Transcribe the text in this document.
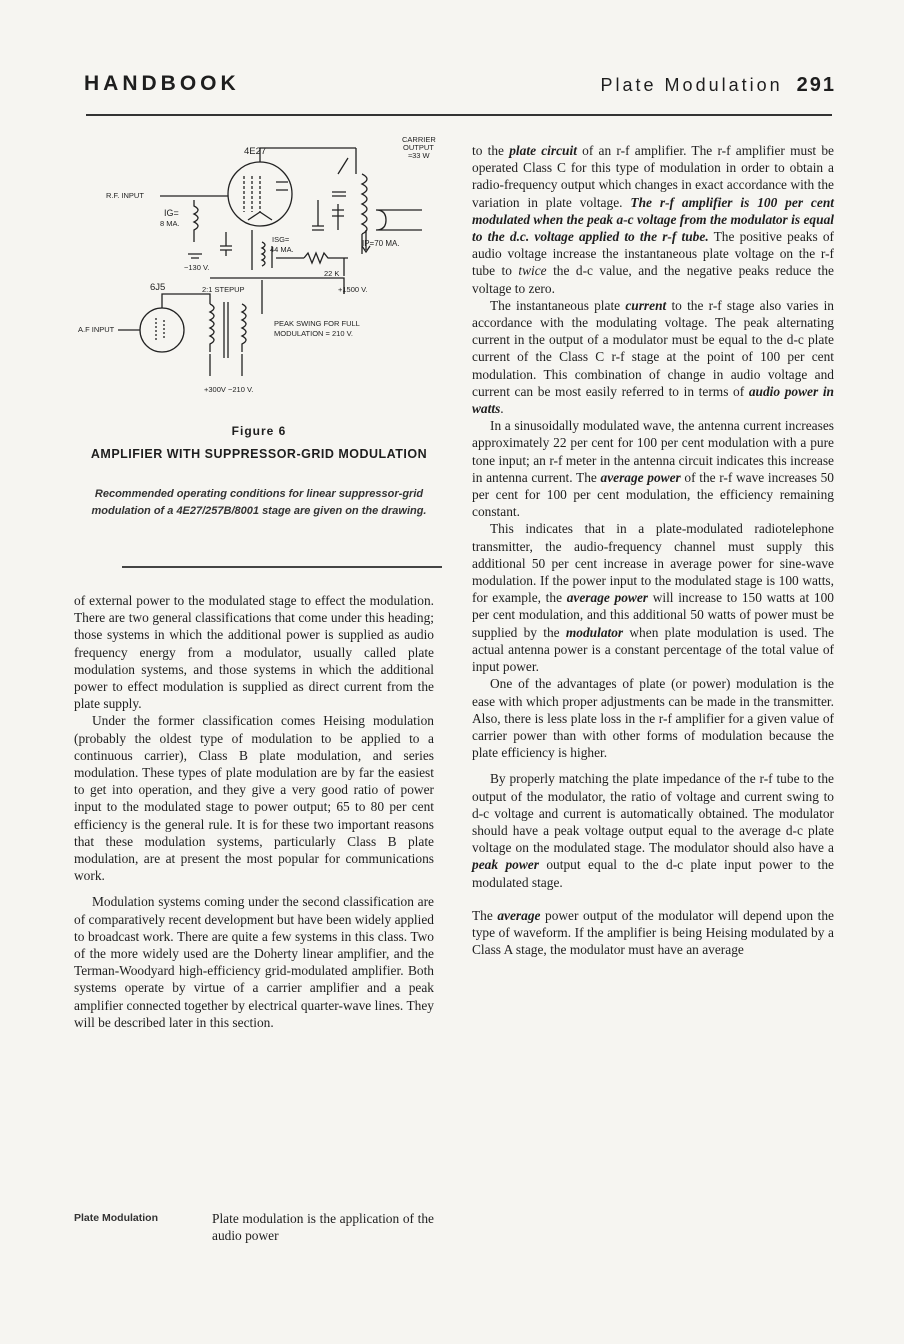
HANDBOOK	Plate Modulation 291
4E27
CARRIER
OUTPUT
≈33 W
R.F. INPUT
IG=
8 MA.
ISG=
44 MA.
IP=70 MA.
−130 V.
22 K
6J5	2:1 STEPUP	+1500 V.
A.F INPUT
PEAK SWING FOR FULL
MODULATION = 210 V.
+300V −210 V.
Figure 6
AMPLIFIER WITH SUPPRESSOR-GRID MODULATION
Recommended operating conditions for linear suppressor-grid modulation of a 4E27/257B/8001 stage are given on the drawing.

of external power to the modulated stage to effect the modulation. There are two general classifications that come under this heading; those systems in which the additional power is supplied as audio frequency energy from a modulator, usually called plate modulation systems, and those systems in which the additional power to effect modulation is supplied as direct current from the plate supply.

Under the former classification comes Heising modulation (probably the oldest type of modulation to be applied to a continuous carrier), Class B plate modulation, and series modulation. These types of plate modulation are by far the easiest to get into operation, and they give a very good ratio of power input to the modulated stage to power output; 65 to 80 per cent efficiency is the general rule. It is for these two important reasons that these modulation systems, particularly Class B plate modulation, are at present the most popular for communications work.

Modulation systems coming under the second classification are of comparatively recent development but have been widely applied to broadcast work. There are quite a few systems in this class. Two of the more widely used are the Doherty linear amplifier, and the Terman-Woodyard high-efficiency grid-modulated amplifier. Both systems operate by virtue of a carrier amplifier and a peak amplifier connected together by electrical quarter-wave lines. They will be described later in this section.

Plate Modulation	Plate modulation is the application of the audio power

to the plate circuit of an r-f amplifier. The r-f amplifier must be operated Class C for this type of modulation in order to obtain a radio-frequency output which changes in exact accordance with the variation in plate voltage. The r-f amplifier is 100 per cent modulated when the peak a-c voltage from the modulator is equal to the d.c. voltage applied to the r-f tube. The positive peaks of audio voltage increase the instantaneous plate voltage on the r-f tube to twice the d-c value, and the negative peaks reduce the voltage to zero.

The instantaneous plate current to the r-f stage also varies in accordance with the modulating voltage. The peak alternating current in the output of a modulator must be equal to the d-c plate current of the Class C r-f stage at the point of 100 per cent modulation. This combination of change in audio voltage and current can be most easily referred to in terms of audio power in watts.

In a sinusoidally modulated wave, the antenna current increases approximately 22 per cent for 100 per cent modulation with a pure tone input; an r-f meter in the antenna circuit indicates this increase in antenna current. The average power of the r-f wave increases 50 per cent for 100 per cent modulation, the efficiency remaining constant.

This indicates that in a plate-modulated radiotelephone transmitter, the audio-frequency channel must supply this additional 50 per cent increase in average power for sine-wave modulation. If the power input to the modulated stage is 100 watts, for example, the average power will increase to 150 watts at 100 per cent modulation, and this additional 50 watts of power must be supplied by the modulator when plate modulation is used. The actual antenna power is a constant percentage of the total value of input power.

One of the advantages of plate (or power) modulation is the ease with which proper adjustments can be made in the transmitter. Also, there is less plate loss in the r-f amplifier for a given value of carrier power than with other forms of modulation because the plate efficiency is higher.

By properly matching the plate impedance of the r-f tube to the output of the modulator, the ratio of voltage and current swing to d-c voltage and current is automatically obtained. The modulator should have a peak voltage output equal to the average d-c plate voltage on the modulated stage. The modulator should also have a peak power output equal to the d-c plate input power to the modulated stage.

The average power output of the modulator will depend upon the type of waveform. If the amplifier is being Heising modulated by a Class A stage, the modulator must have an average
